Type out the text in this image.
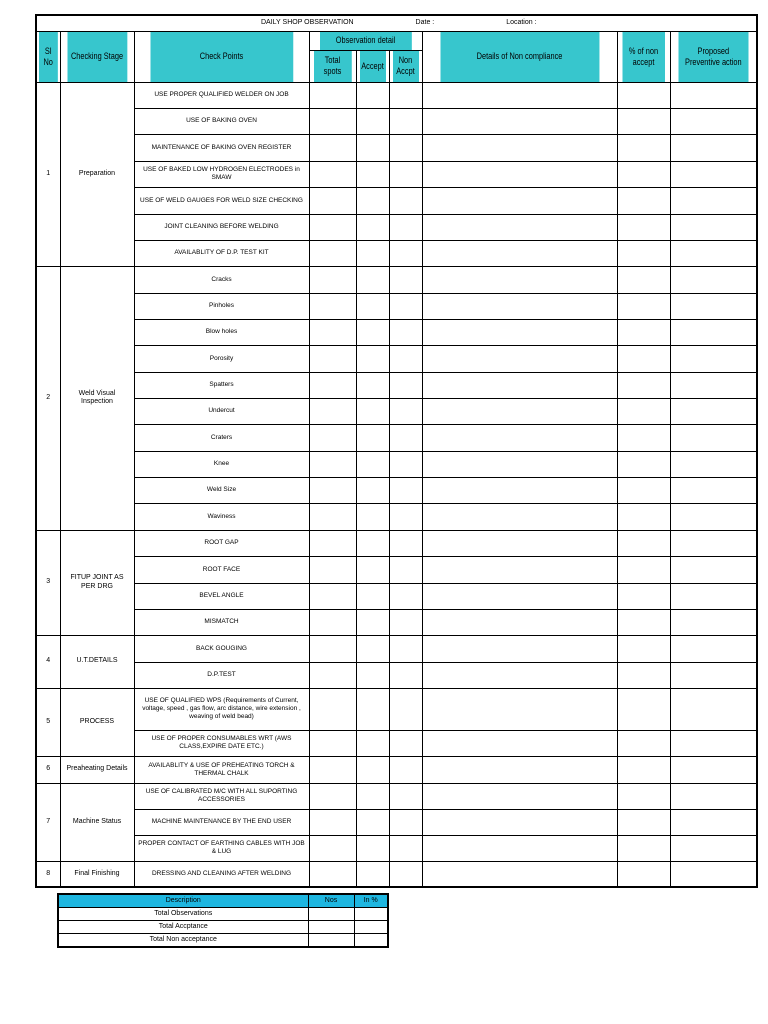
DAILY SHOP OBSERVATION Date : Location :								
Sl No	Checking Stage	Check Points	Observation detail			Details of Non compliance	% of non accept	Proposed Preventive action
			Total spots	Accept	Non Accpt			
1	Preparation	USE PROPER QUALIFIED WELDER ON JOB						
		USE OF BAKING OVEN						
		MAINTENANCE OF BAKING OVEN REGISTER						
		USE OF BAKED LOW HYDROGEN ELECTRODES in SMAW						
		USE OF WELD GAUGES FOR WELD SIZE CHECKING						
		JOINT CLEANING BEFORE WELDING						
		AVAILABLITY OF D.P. TEST KIT						
2	Weld Visual Inspection	Cracks						
		Pinholes						
		Blow holes						
		Porosity						
		Spatters						
		Undercut						
		Craters						
		Knee						
		Weld Size						
		Waviness						
3	FITUP JOINT AS PER DRG	ROOT GAP						
		ROOT FACE						
		BEVEL ANGLE						
		MISMATCH						
4	U.T.DETAILS	BACK GOUGING						
		D.P.TEST						
5	PROCESS	USE OF QUALIFIED WPS (Requirements of Current, voltage, speed , gas flow, arc distance, wire extension , weaving of weld bead)						
		USE OF PROPER CONSUMABLES WRT (AWS CLASS,EXPIRE DATE ETC.)						
6	Preaheating Details	AVAILABLITY & USE OF PREHEATING TORCH & THERMAL CHALK						
7	Machine Status	USE OF CALIBRATED M/C WITH ALL SUPORTING ACCESSORIES						
		MACHINE MAINTENANCE BY THE END USER						
		PROPER CONTACT OF EARTHING CABLES WITH JOB & LUG						
8	Final Finishing	DRESSING AND CLEANING AFTER WELDING						
Description	Nos	In %
Total Observations		
Total Accptance		
Total Non acceptance		
